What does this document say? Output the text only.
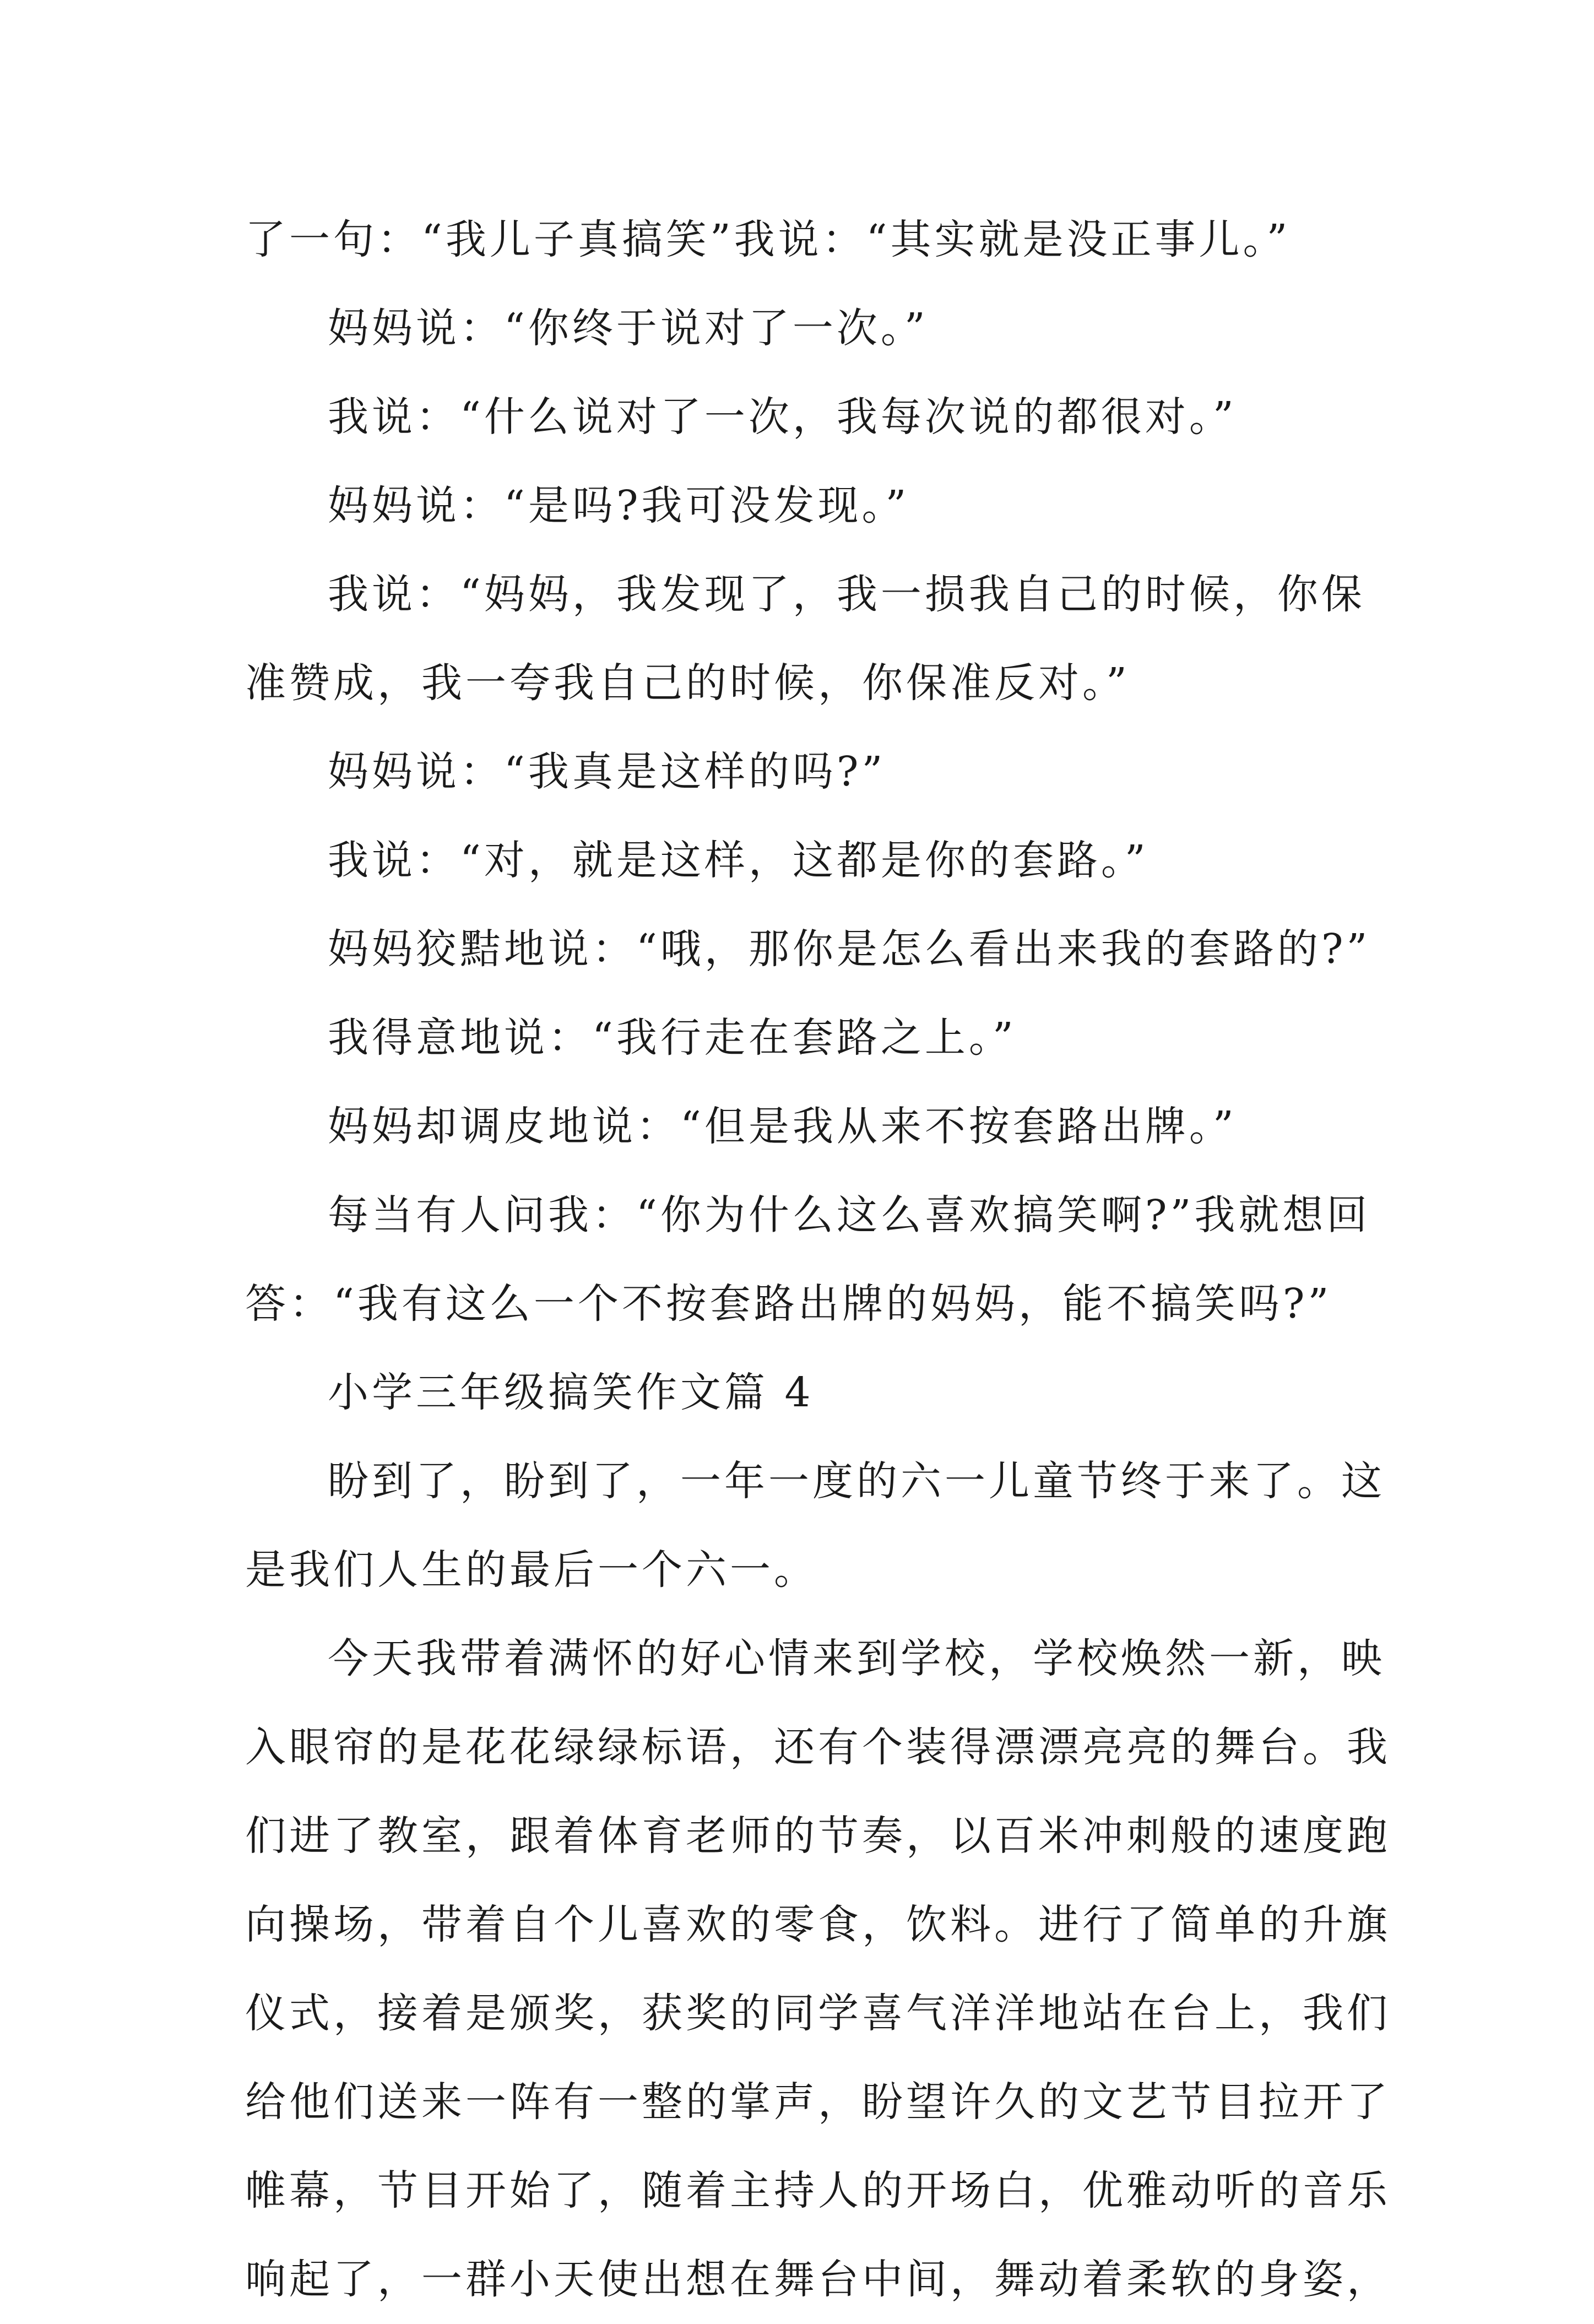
了一句：“我儿子真搞笑”我说：“其实就是没正事儿。”
妈妈说：“你终于说对了一次。”
我说：“什么说对了一次，我每次说的都很对。”
妈妈说：“是吗?我可没发现。”
我说：“妈妈，我发现了，我一损我自己的时候，你保
准赞成，我一夸我自己的时候，你保准反对。”
妈妈说：“我真是这样的吗?”
我说：“对，就是这样，这都是你的套路。”
妈妈狡黠地说：“哦，那你是怎么看出来我的套路的?”
我得意地说：“我行走在套路之上。”
妈妈却调皮地说：“但是我从来不按套路出牌。”
每当有人问我：“你为什么这么喜欢搞笑啊?”我就想回
答：“我有这么一个不按套路出牌的妈妈，能不搞笑吗?”
小学三年级搞笑作文篇 4
盼到了，盼到了，一年一度的六一儿童节终于来了。这
是我们人生的最后一个六一。
今天我带着满怀的好心情来到学校，学校焕然一新，映
入眼帘的是花花绿绿标语，还有个装得漂漂亮亮的舞台。我
们进了教室，跟着体育老师的节奏，以百米冲刺般的速度跑
向操场，带着自个儿喜欢的零食，饮料。进行了简单的升旗
仪式，接着是颁奖，获奖的同学喜气洋洋地站在台上，我们
给他们送来一阵有一整的掌声，盼望许久的文艺节目拉开了
帷幕，节目开始了，随着主持人的开场白，优雅动听的音乐
响起了，一群小天使出想在舞台中间，舞动着柔软的身姿，
